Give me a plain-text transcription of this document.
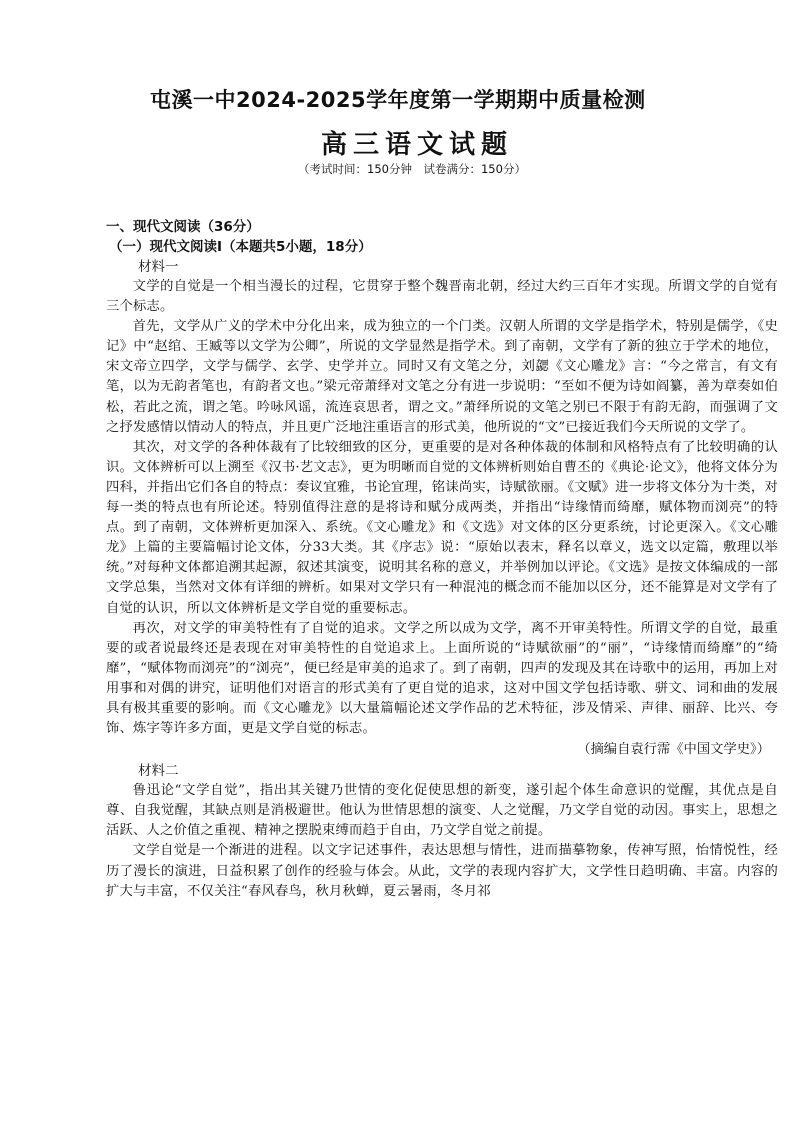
屯溪一中2024-2025学年度第一学期期中质量检测
高三语文试题
（考试时间：150分钟　试卷满分：150分）

一、现代文阅读（36分）

（一）现代文阅读Ⅰ（本题共5小题，18分）

材料一

文学的自觉是一个相当漫长的过程，它贯穿于整个魏晋南北朝，经过大约三百年才实现。所谓文学的自觉有三个标志。

首先，文学从广义的学术中分化出来，成为独立的一个门类。汉朝人所谓的文学是指学术，特别是儒学，《史记》中“赵绾、王臧等以文学为公卿”，所说的文学显然是指学术。到了南朝，文学有了新的独立于学术的地位，宋文帝立四学，文学与儒学、玄学、史学并立。同时又有文笔之分，刘勰《文心雕龙》言：“今之常言，有文有笔，以为无韵者笔也，有韵者文也。”梁元帝萧绎对文笔之分有进一步说明：“至如不便为诗如阎纂，善为章奏如伯松，若此之流，谓之笔。吟咏风谣，流连哀思者，谓之文。”萧绎所说的文笔之别已不限于有韵无韵，而强调了文之抒发感情以情动人的特点，并且更广泛地注重语言的形式美，他所说的“文”已接近我们今天所说的文学了。

其次，对文学的各种体裁有了比较细致的区分，更重要的是对各种体裁的体制和风格特点有了比较明确的认识。文体辨析可以上溯至《汉书·艺文志》，更为明晰而自觉的文体辨析则始自曹丕的《典论·论文》，他将文体分为四科，并指出它们各自的特点：奏议宜雅，书论宜理，铭诔尚实，诗赋欲丽。《文赋》进一步将文体分为十类，对每一类的特点也有所论述。特别值得注意的是将诗和赋分成两类，并指出“诗缘情而绮靡，赋体物而浏亮”的特点。到了南朝，文体辨析更加深入、系统。《文心雕龙》和《文选》对文体的区分更系统，讨论更深入。《文心雕龙》上篇的主要篇幅讨论文体，分33大类。其《序志》说：“原始以表末，释名以章义，选文以定篇，敷理以举统。”对每种文体都追溯其起源，叙述其演变，说明其名称的意义，并举例加以评论。《文选》是按文体编成的一部文学总集，当然对文体有详细的辨析。如果对文学只有一种混沌的概念而不能加以区分，还不能算是对文学有了自觉的认识，所以文体辨析是文学自觉的重要标志。

再次，对文学的审美特性有了自觉的追求。文学之所以成为文学，离不开审美特性。所谓文学的自觉，最重要的或者说最终还是表现在对审美特性的自觉追求上。上面所说的“诗赋欲丽”的“丽”，“诗缘情而绮靡”的“绮靡”，“赋体物而浏亮”的“浏亮”，便已经是审美的追求了。到了南朝，四声的发现及其在诗歌中的运用，再加上对用事和对偶的讲究，证明他们对语言的形式美有了更自觉的追求，这对中国文学包括诗歌、骈文、词和曲的发展具有极其重要的影响。而《文心雕龙》以大量篇幅论述文学作品的艺术特征，涉及情采、声律、丽辞、比兴、夸饰、炼字等许多方面，更是文学自觉的标志。

（摘编自袁行霈《中国文学史》）

材料二

鲁迅论“文学自觉”，指出其关键乃世情的变化促使思想的新变，遂引起个体生命意识的觉醒，其优点是自尊、自我觉醒，其缺点则是消极避世。他认为世情思想的演变、人之觉醒，乃文学自觉的动因。事实上，思想之活跃、人之价值之重视、精神之摆脱束缚而趋于自由，乃文学自觉之前提。

文学自觉是一个渐进的进程。以文字记述事件，表达思想与情性，进而描摹物象，传神写照，怡情悦性，经历了漫长的演进，日益积累了创作的经验与体会。从此，文学的表现内容扩大，文学性日趋明确、丰富。内容的扩大与丰富，不仅关注“春风春鸟，秋月秋蝉，夏云暑雨，冬月祁
